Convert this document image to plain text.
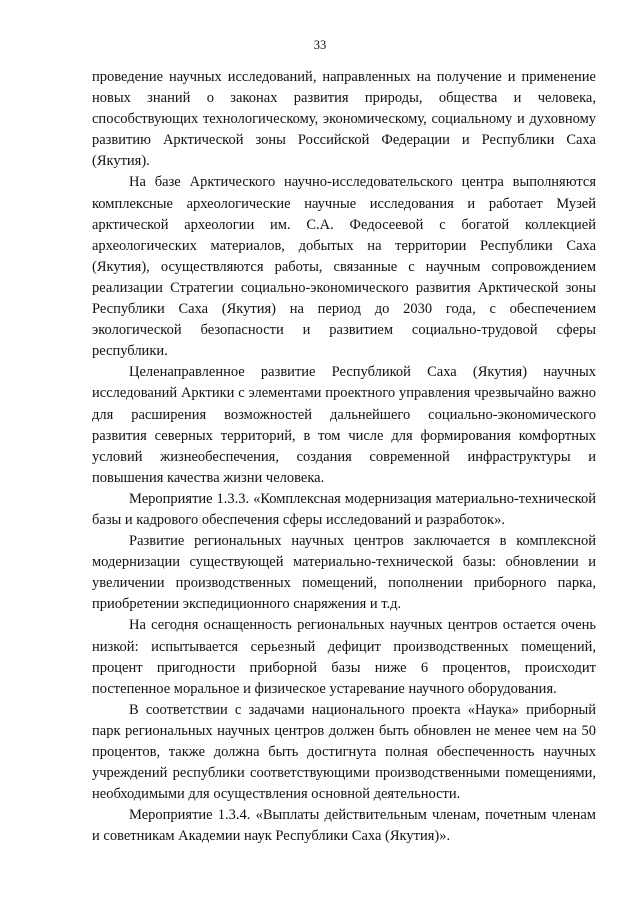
33

проведение научных исследований, направленных на получение и применение новых знаний о законах развития природы, общества и человека, способствующих технологическому, экономическому, социальному и духовному развитию Арктической зоны Российской Федерации и Республики Саха (Якутия).

На базе Арктического научно-исследовательского центра выполняются комплексные археологические научные исследования и работает Музей арктической археологии им. С.А. Федосеевой с богатой коллекцией археологических материалов, добытых на территории Республики Саха (Якутия), осуществляются работы, связанные с научным сопровождением реализации Стратегии социально-экономического развития Арктической зоны Республики Саха (Якутия) на период до 2030 года, с обеспечением экологической безопасности и развитием социально-трудовой сферы республики.

Целенаправленное развитие Республикой Саха (Якутия) научных исследований Арктики с элементами проектного управления чрезвычайно важно для расширения возможностей дальнейшего социально-экономического развития северных территорий, в том числе для формирования комфортных условий жизнеобеспечения, создания современной инфраструктуры и повышения качества жизни человека.

Мероприятие 1.3.3. «Комплексная модернизация материально-технической базы и кадрового обеспечения сферы исследований и разработок».

Развитие региональных научных центров заключается в комплексной модернизации существующей материально-технической базы: обновлении и увеличении производственных помещений, пополнении приборного парка, приобретении экспедиционного снаряжения и т.д.

На сегодня оснащенность региональных научных центров остается очень низкой: испытывается серьезный дефицит производственных помещений, процент пригодности приборной базы ниже 6 процентов, происходит постепенное моральное и физическое устаревание научного оборудования.

В соответствии с задачами национального проекта «Наука» приборный парк региональных научных центров должен быть обновлен не менее чем на 50 процентов, также должна быть достигнута полная обеспеченность научных учреждений республики соответствующими производственными помещениями, необходимыми для осуществления основной деятельности.

Мероприятие 1.3.4. «Выплаты действительным членам, почетным членам и советникам Академии наук Республики Саха (Якутия)».
